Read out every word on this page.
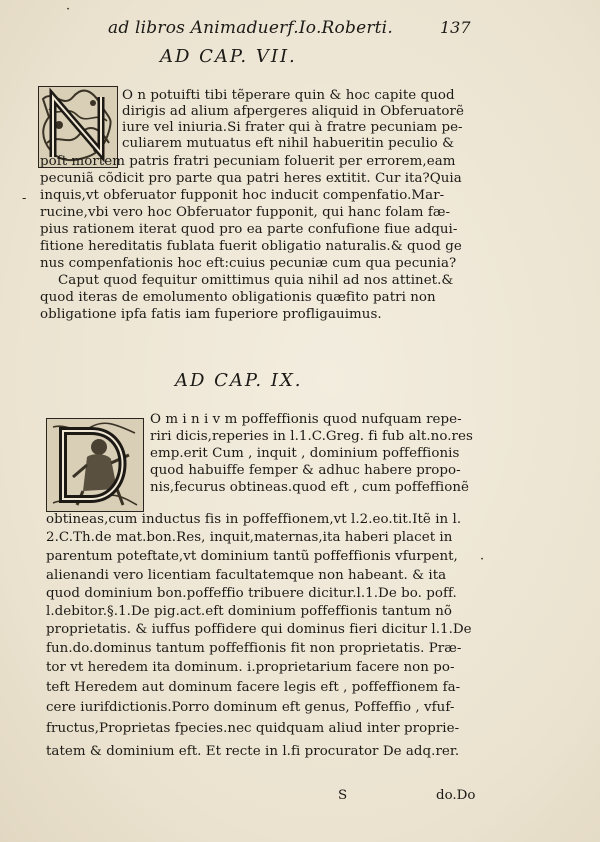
ad libros Animaduerf.Io.Roberti.	137
·
-
·
AD CAP. VII.
O n potuifti tibi tẽperare quin & hoc capite quod
dirigis ad alium afpergeres aliquid in Obferuatorẽ
iure vel iniuria.Si frater qui à fratre pecuniam pe-
culiarem mutuatus eft nihil habueritin peculio &
poft mortem patris fratri pecuniam foluerit per errorem,eam
pecuniã cõdicit pro parte qua patri heres extitit. Cur ita?Quia
inquis,vt obferuator fupponit hoc inducit compenfatio.Mar-
rucine,vbi vero hoc Obferuator fupponit, qui hanc folam fæ-
pius rationem iterat quod pro ea parte confufione fiue adqui-
fitione hereditatis fublata fuerit obligatio naturalis.& quod ge
nus compenfationis hoc eft:cuius pecuniæ cum qua pecunia?
Caput quod fequitur omittimus quia nihil ad nos attinet.&
quod iteras de emolumento obligationis quæfito patri non
obligatione ipfa fatis iam fuperiore profligauimus.
AD CAP. IX.
O m i n i v m poffeffionis quod nufquam repe-
riri dicis,reperies in l.1.C.Greg. fi fub alt.no.res
emp.erit Cum , inquit , dominium poffeffionis
quod habuiffe femper & adhuc habere propo-
nis,fecurus obtineas.quod eft , cum poffeffionẽ
obtineas,cum inductus fis in poffeffionem,vt l.2.eo.tit.Itẽ in l.
2.C.Th.de mat.bon.Res, inquit,maternas,ita haberi placet in
parentum poteftate,vt dominium tantũ poffeffionis vfurpent,
alienandi vero licentiam facultatemque non habeant. & ita
quod dominium bon.poffeffio tribuere dicitur.l.1.De bo. poff.
l.debitor.§.1.De pig.act.eft dominium poffeffionis tantum nõ
proprietatis. & iuffus poffidere qui dominus fieri dicitur l.1.De
fun.do.dominus tantum poffeffionis fit non proprietatis. Præ-
tor vt heredem ita dominum. i.proprietarium facere non po-
teft Heredem aut dominum facere legis eft , poffeffionem fa-
cere iurifdictionis.Porro dominum eft genus, Poffeffio , vfuf-
fructus,Proprietas fpecies.nec quidquam aliud inter proprie-
tatem & dominium eft. Et recte in l.fi procurator De adq.rer.
S	do.Do
